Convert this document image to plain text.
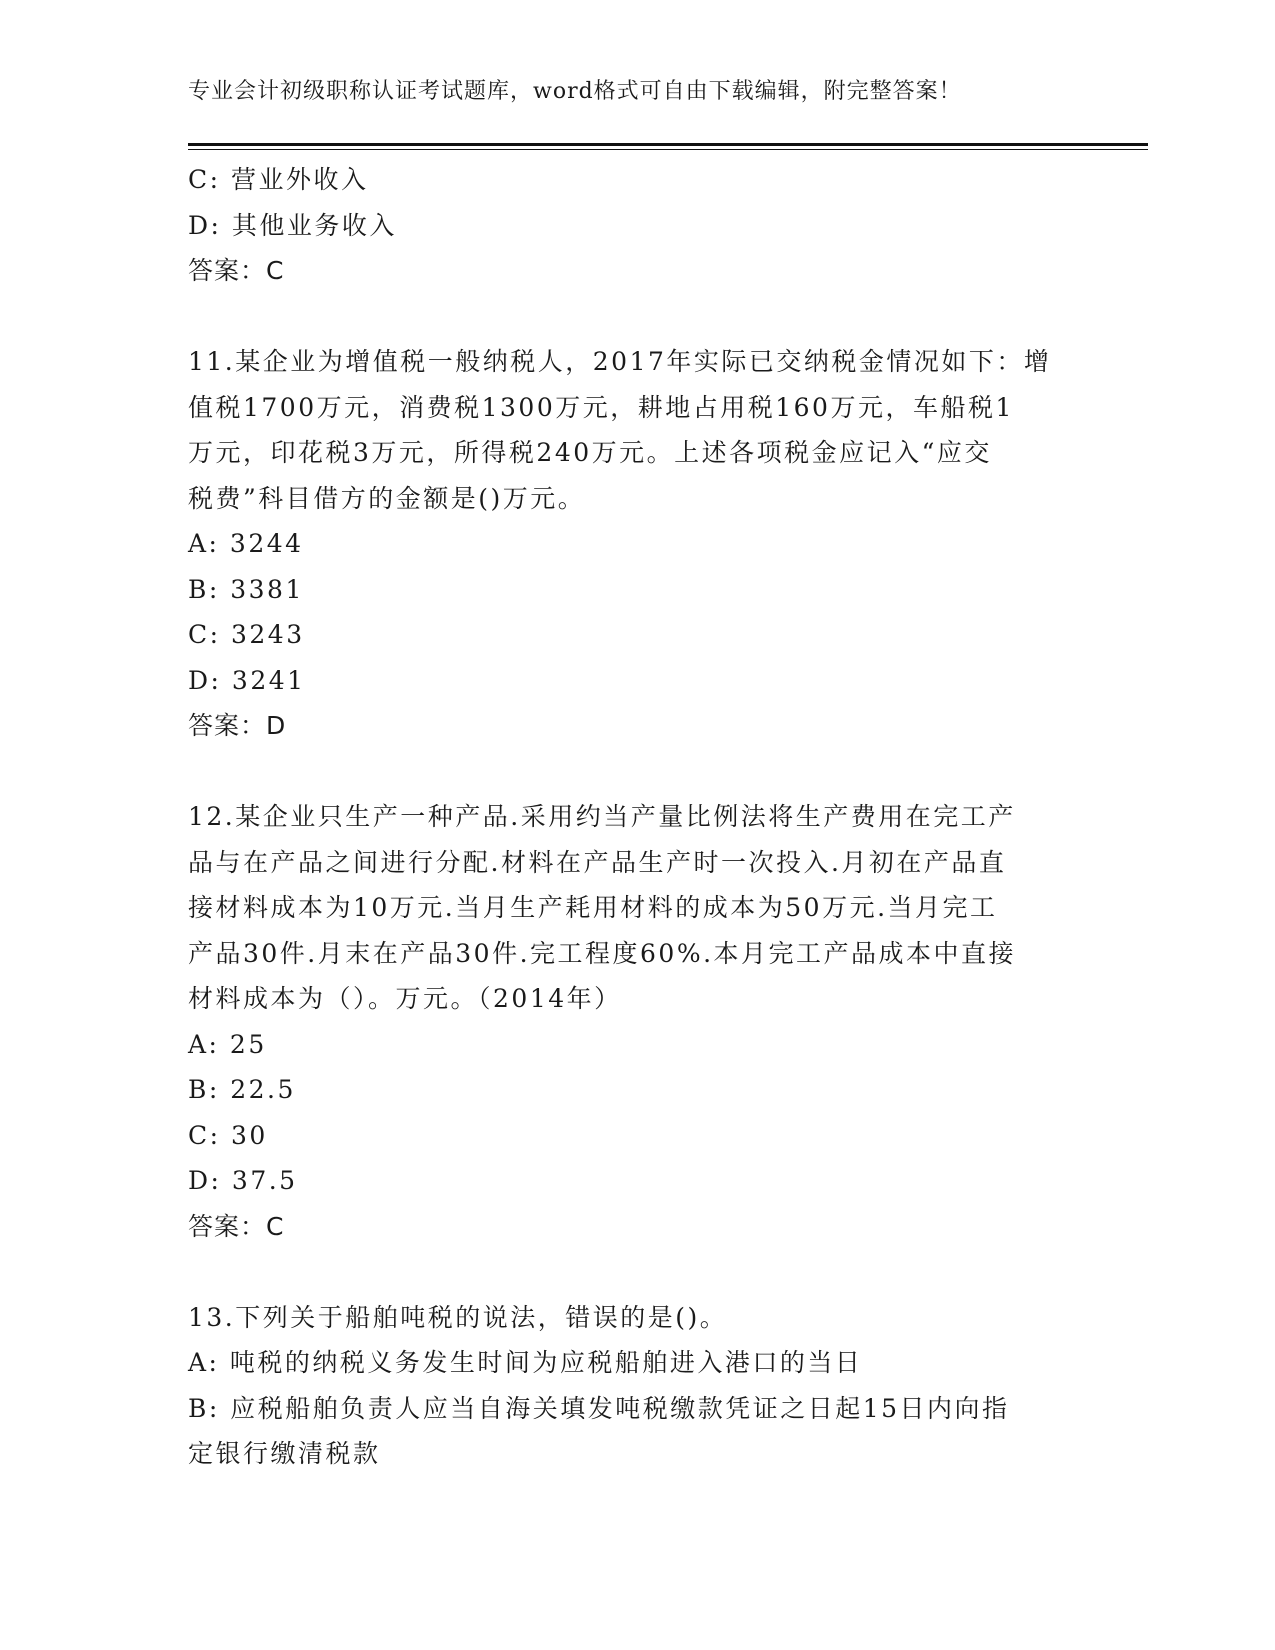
专业会计初级职称认证考试题库，word格式可自由下载编辑，附完整答案！

C: 营业外收入

D: 其他业务收入

答案：C

11.某企业为增值税一般纳税人，2017年实际已交纳税金情况如下：增

值税1700万元，消费税1300万元，耕地占用税160万元，车船税1

万元，印花税3万元，所得税240万元。上述各项税金应记入“应交

税费”科目借方的金额是()万元。

A: 3244

B: 3381

C: 3243

D: 3241

答案：D

12.某企业只生产一种产品.采用约当产量比例法将生产费用在完工产

品与在产品之间进行分配.材料在产品生产时一次投入.月初在产品直

接材料成本为10万元.当月生产耗用材料的成本为50万元.当月完工

产品30件.月末在产品30件.完工程度60%.本月完工产品成本中直接

材料成本为（）。万元。（2014年）

A: 25

B: 22.5

C: 30

D: 37.5

答案：C

13.下列关于船舶吨税的说法，错误的是()。

A: 吨税的纳税义务发生时间为应税船舶进入港口的当日

B: 应税船舶负责人应当自海关填发吨税缴款凭证之日起15日内向指

定银行缴清税款
